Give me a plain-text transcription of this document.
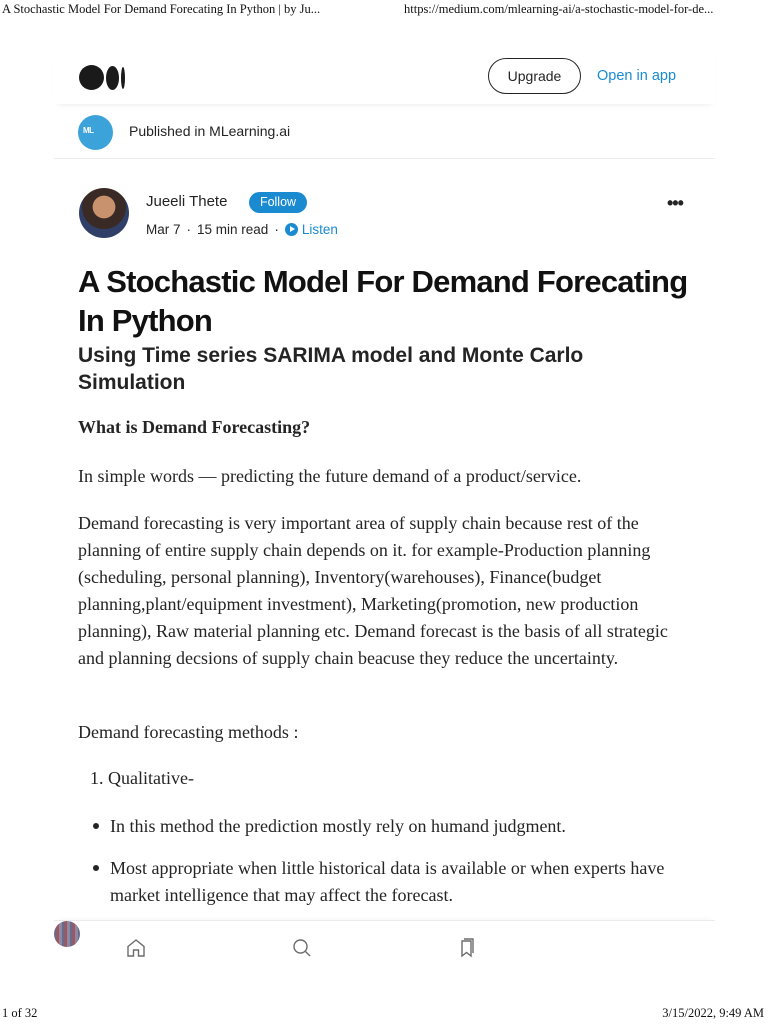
A Stochastic Model For Demand Forecating In Python | by Ju...	https://medium.com/mlearning-ai/a-stochastic-model-for-de...
Upgrade	Open in app
ML	Published in MLearning.ai
Jueeli Thete	Follow
Mar 7 · 15 min read · Listen
•••
A Stochastic Model For Demand Forecating In Python
Using Time series SARIMA model and Monte Carlo Simulation
What is Demand Forecasting?

In simple words — predicting the future demand of a product/service.

Demand forecasting is very important area of supply chain because rest of the planning of entire supply chain depends on it. for example-Production planning (scheduling, personal planning), Inventory(warehouses), Finance(budget planning,plant/equipment investment), Marketing(promotion, new production planning), Raw material planning etc. Demand forecast is the basis of all strategic and planning decsions of supply chain beacuse they reduce the uncertainty.

Demand forecasting methods :

1. Qualitative-
In this method the prediction mostly rely on humand judgment.
Most appropriate when little historical data is available or when experts have market intelligence that may affect the forecast.
1 of 32	3/15/2022, 9:49 AM
